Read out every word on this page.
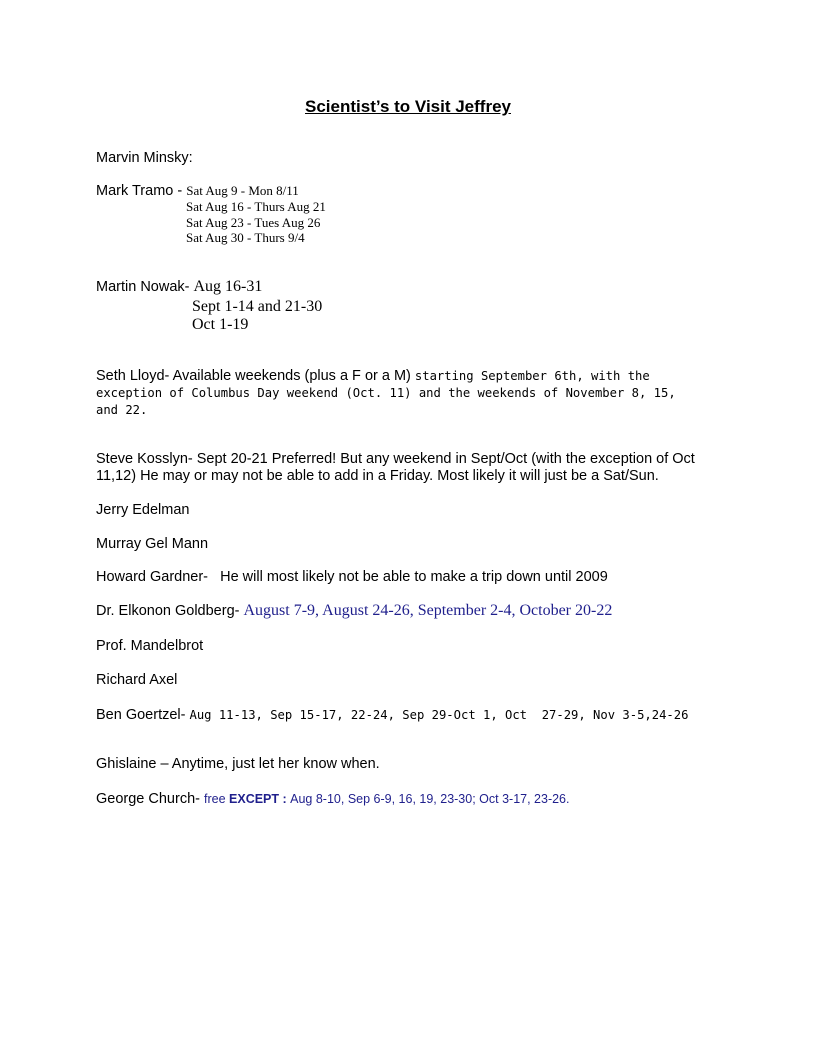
Scientist’s to Visit Jeffrey

Marvin Minsky:

Mark Tramo - Sat Aug 9 - Mon 8/11

Sat Aug 16 - Thurs Aug 21

Sat Aug 23 - Tues Aug 26

Sat Aug 30 - Thurs 9/4

Martin Nowak- Aug 16-31

Sept 1-14 and 21-30

Oct 1-19

Seth Lloyd- Available weekends (plus a F or a M) starting September 6th, with the
exception of Columbus Day weekend (Oct. 11) and the weekends of November 8, 15,
and 22.
Steve Kosslyn- Sept 20-21 Preferred! But any weekend in Sept/Oct (with the exception of Oct
11,12) He may or may not be able to add in a Friday. Most likely it will just be a Sat/Sun.

Jerry Edelman

Murray Gel Mann

Howard Gardner- He will most likely not be able to make a trip down until 2009

Dr. Elkonon Goldberg- August 7-9, August 24-26, September 2-4, October 20-22

Prof. Mandelbrot

Richard Axel

Ben Goertzel- Aug 11-13, Sep 15-17, 22-24, Sep 29-Oct 1, Oct  27-29, Nov 3-5,24-26

Ghislaine – Anytime, just let her know when.

George Church- free EXCEPT : Aug 8-10, Sep 6-9, 16, 19, 23-30; Oct 3-17, 23-26.
